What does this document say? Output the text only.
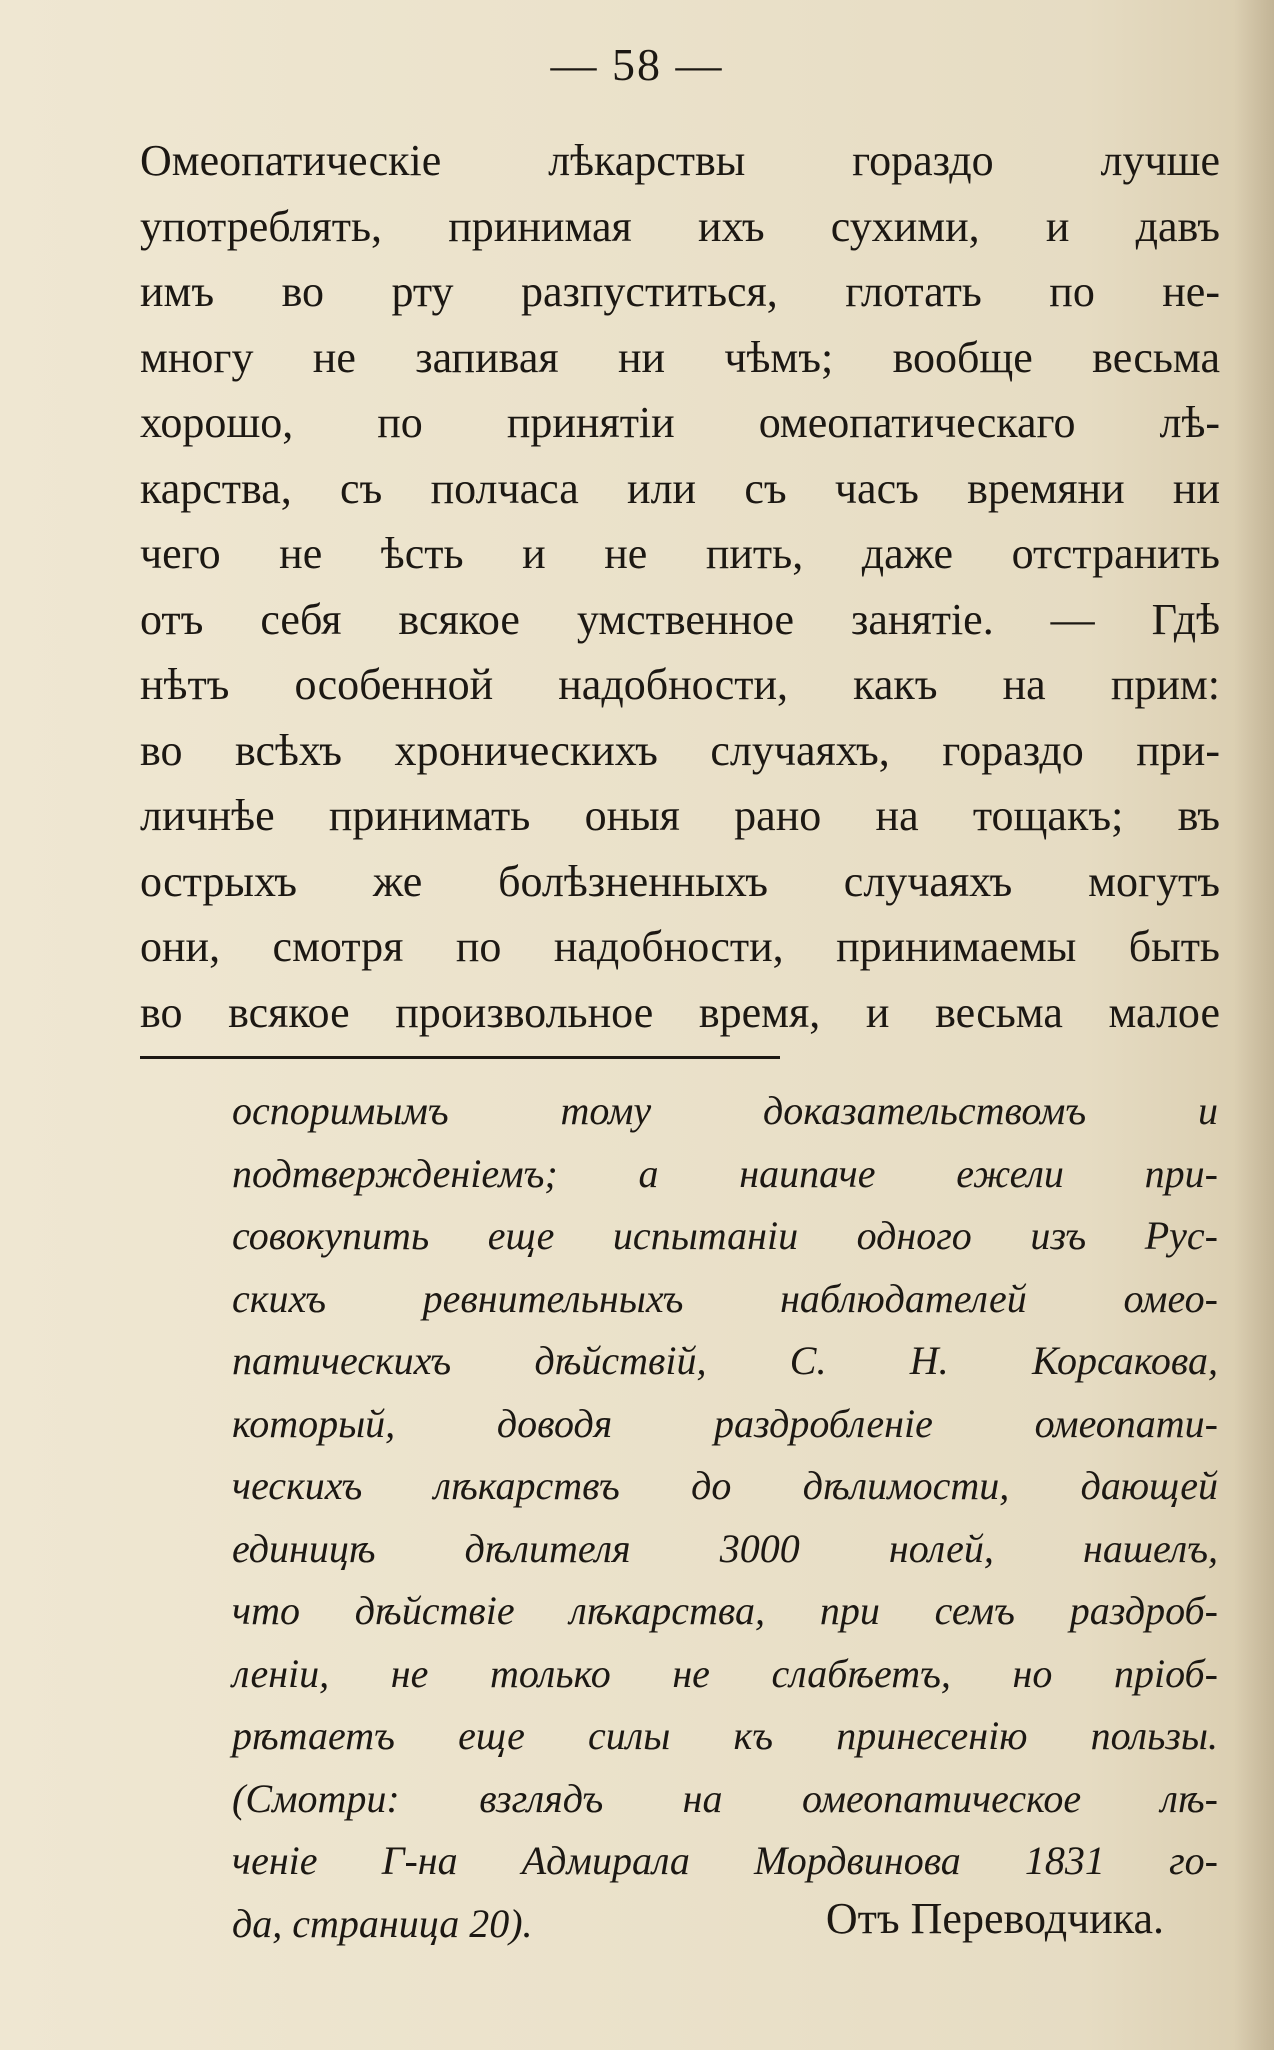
— 58 —
Омеопатическіе лѣкарствы гораздо лучше
употреблять, принимая ихъ сухими, и давъ
имъ во рту разпуститься, глотать по не-
многу не запивая ни чѣмъ; вообще весьма
хорошо, по принятіи омеопатическаго лѣ-
карства, съ полчаса или съ часъ времяни ни
чего не ѣсть и не пить, даже отстранить
отъ себя всякое умственное занятіе. — Гдѣ
нѣтъ особенной надобности, какъ на прим:
во всѣхъ хроническихъ случаяхъ, гораздо при-
личнѣе принимать оныя рано на тощакъ; въ
острыхъ же болѣзненныхъ случаяхъ могутъ
они, смотря по надобности, принимаемы быть
во всякое произвольное время, и весьма малое
оспоримымъ тому доказательствомъ и
подтвержденіемъ; а наипаче ежели при-
совокупить еще испытаніи одного изъ Рус-
скихъ ревнительныхъ наблюдателей омео-
патическихъ дѣйствій, С. Н. Корсакова,
который, доводя раздробленіе омеопати-
ческихъ лѣкарствъ до дѣлимости, дающей
единицѣ дѣлителя 3000 нолей, нашелъ,
что дѣйствіе лѣкарства, при семъ раздроб-
леніи, не только не слабѣетъ, но пріоб-
рѣтаетъ еще силы къ принесенію пользы.
(Смотри: взглядъ на омеопатическое лѣ-
ченіе Г-на Адмирала Мордвинова 1831 го-
да, страница 20).	Отъ Переводчика.
